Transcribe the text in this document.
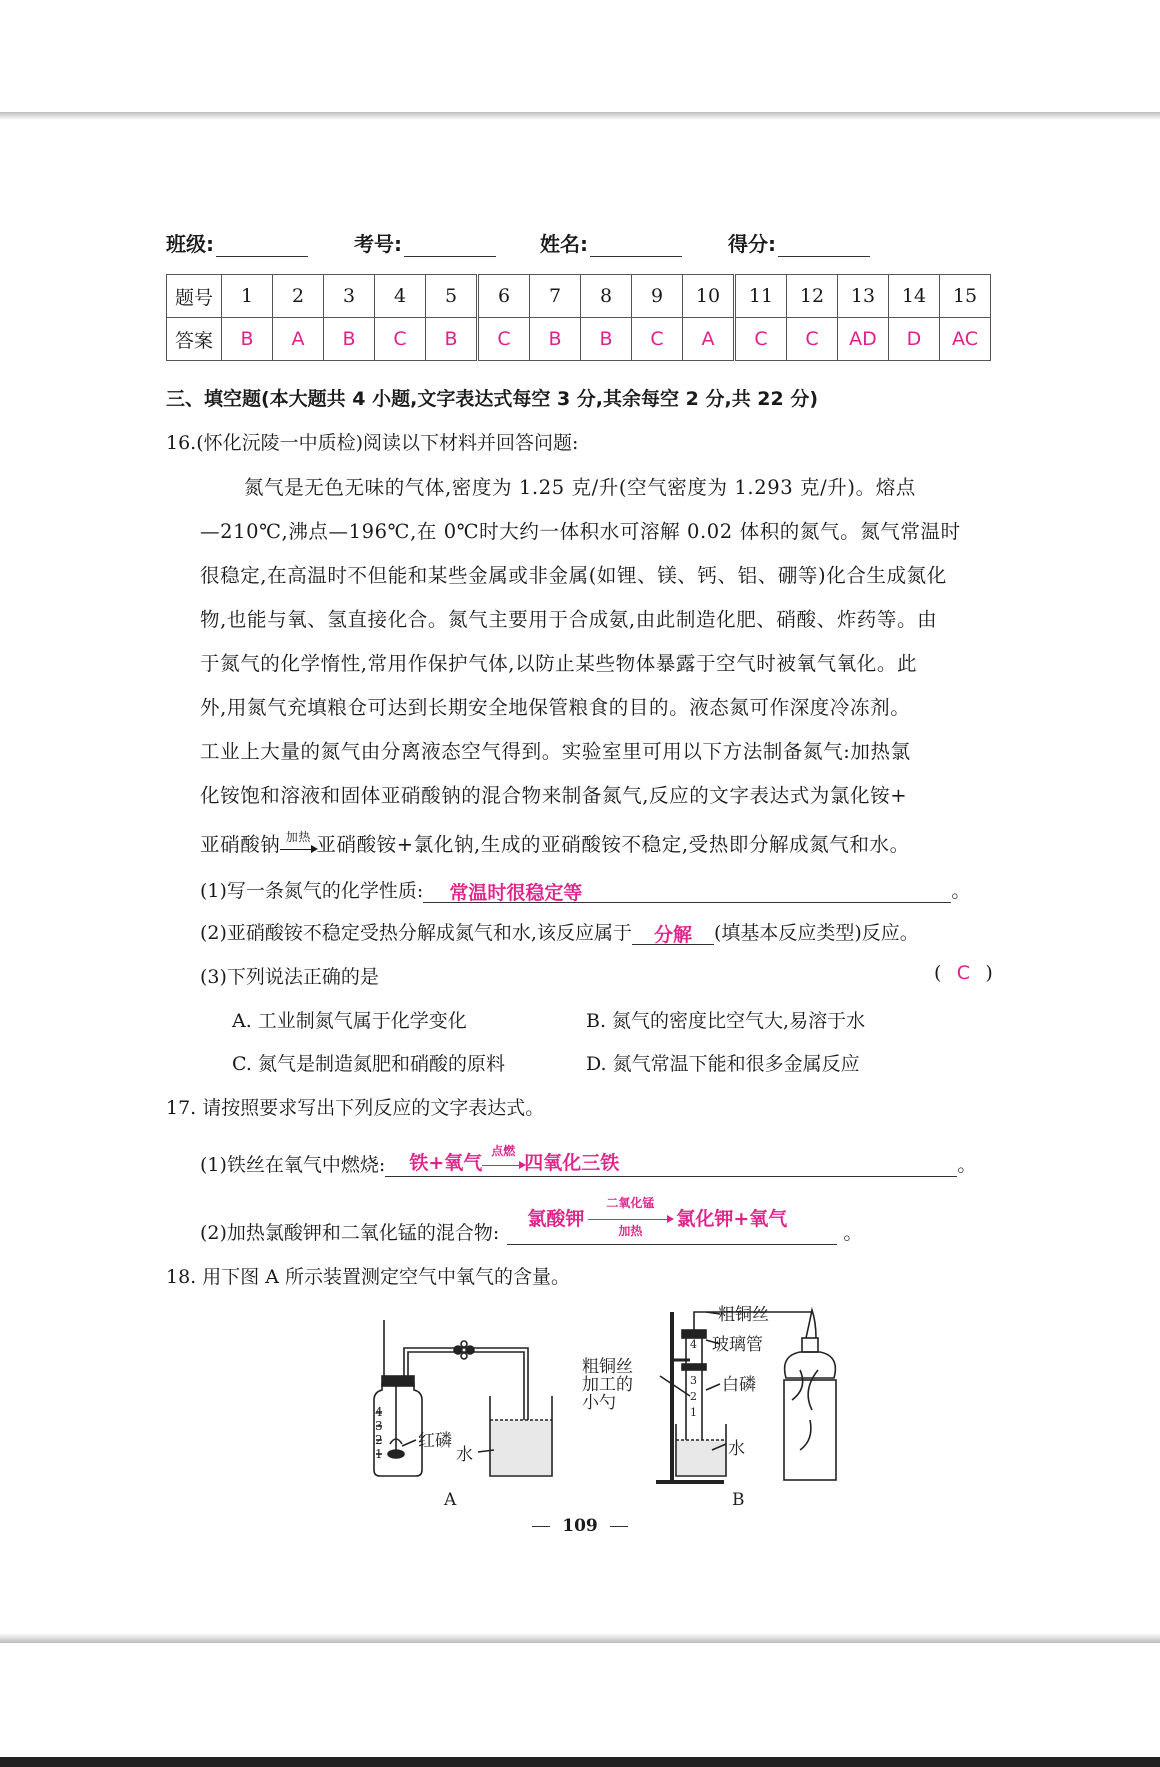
班级:	考号:	姓名:	得分:
题号	1	2	3	4	5	6	7	8	9	10	11	12	13	14	15
答案	B	A	B	C	B	C	B	B	C	A	C	C	AD	D	AC
三、填空题(本大题共 4 小题,文字表达式每空 3 分,其余每空 2 分,共 22 分)
16.(怀化沅陵一中质检)阅读以下材料并回答问题:
氮气是无色无味的气体,密度为 1.25 克/升(空气密度为 1.293 克/升)。熔点
—210℃,沸点—196℃,在 0℃时大约一体积水可溶解 0.02 体积的氮气。氮气常温时
很稳定,在高温时不但能和某些金属或非金属(如锂、镁、钙、铝、硼等)化合生成氮化
物,也能与氧、氢直接化合。氮气主要用于合成氨,由此制造化肥、硝酸、炸药等。由
于氮气的化学惰性,常用作保护气体,以防止某些物体暴露于空气时被氧气氧化。此
外,用氮气充填粮仓可达到长期安全地保管粮食的目的。液态氮可作深度冷冻剂。
工业上大量的氮气由分离液态空气得到。实验室里可用以下方法制备氮气:加热氯
化铵饱和溶液和固体亚硝酸钠的混合物来制备氮气,反应的文字表达式为氯化铵+
亚硝酸钠 加热 亚硝酸铵+氯化钠,生成的亚硝酸铵不稳定,受热即分解成氮气和水。
(1)写一条氮气的化学性质: 常温时很稳定等	。
(2)亚硝酸铵不稳定受热分解成氮气和水,该反应属于 分解 (填基本反应类型)反应。
(3)下列说法正确的是	( C )
A. 工业制氮气属于化学变化	B. 氮气的密度比空气大,易溶于水
C. 氮气是制造氮肥和硝酸的原料	D. 氮气常温下能和很多金属反应
17. 请按照要求写出下列反应的文字表达式。
(1)铁丝在氧气中燃烧: 铁+氧气
点燃
四氧化三铁	。
(2)加热氯酸钾和二氧化锰的混合物:氯酸钾
二氧化锰
加热
氯化钾+氧气。
18. 用下图 A 所示装置测定空气中氧气的含量。
红磷
水
A
4
3
2
1
粗铜丝
玻璃管
粗铜丝
加工的
小勺
白磷
水
B
4
3
2
1
109
